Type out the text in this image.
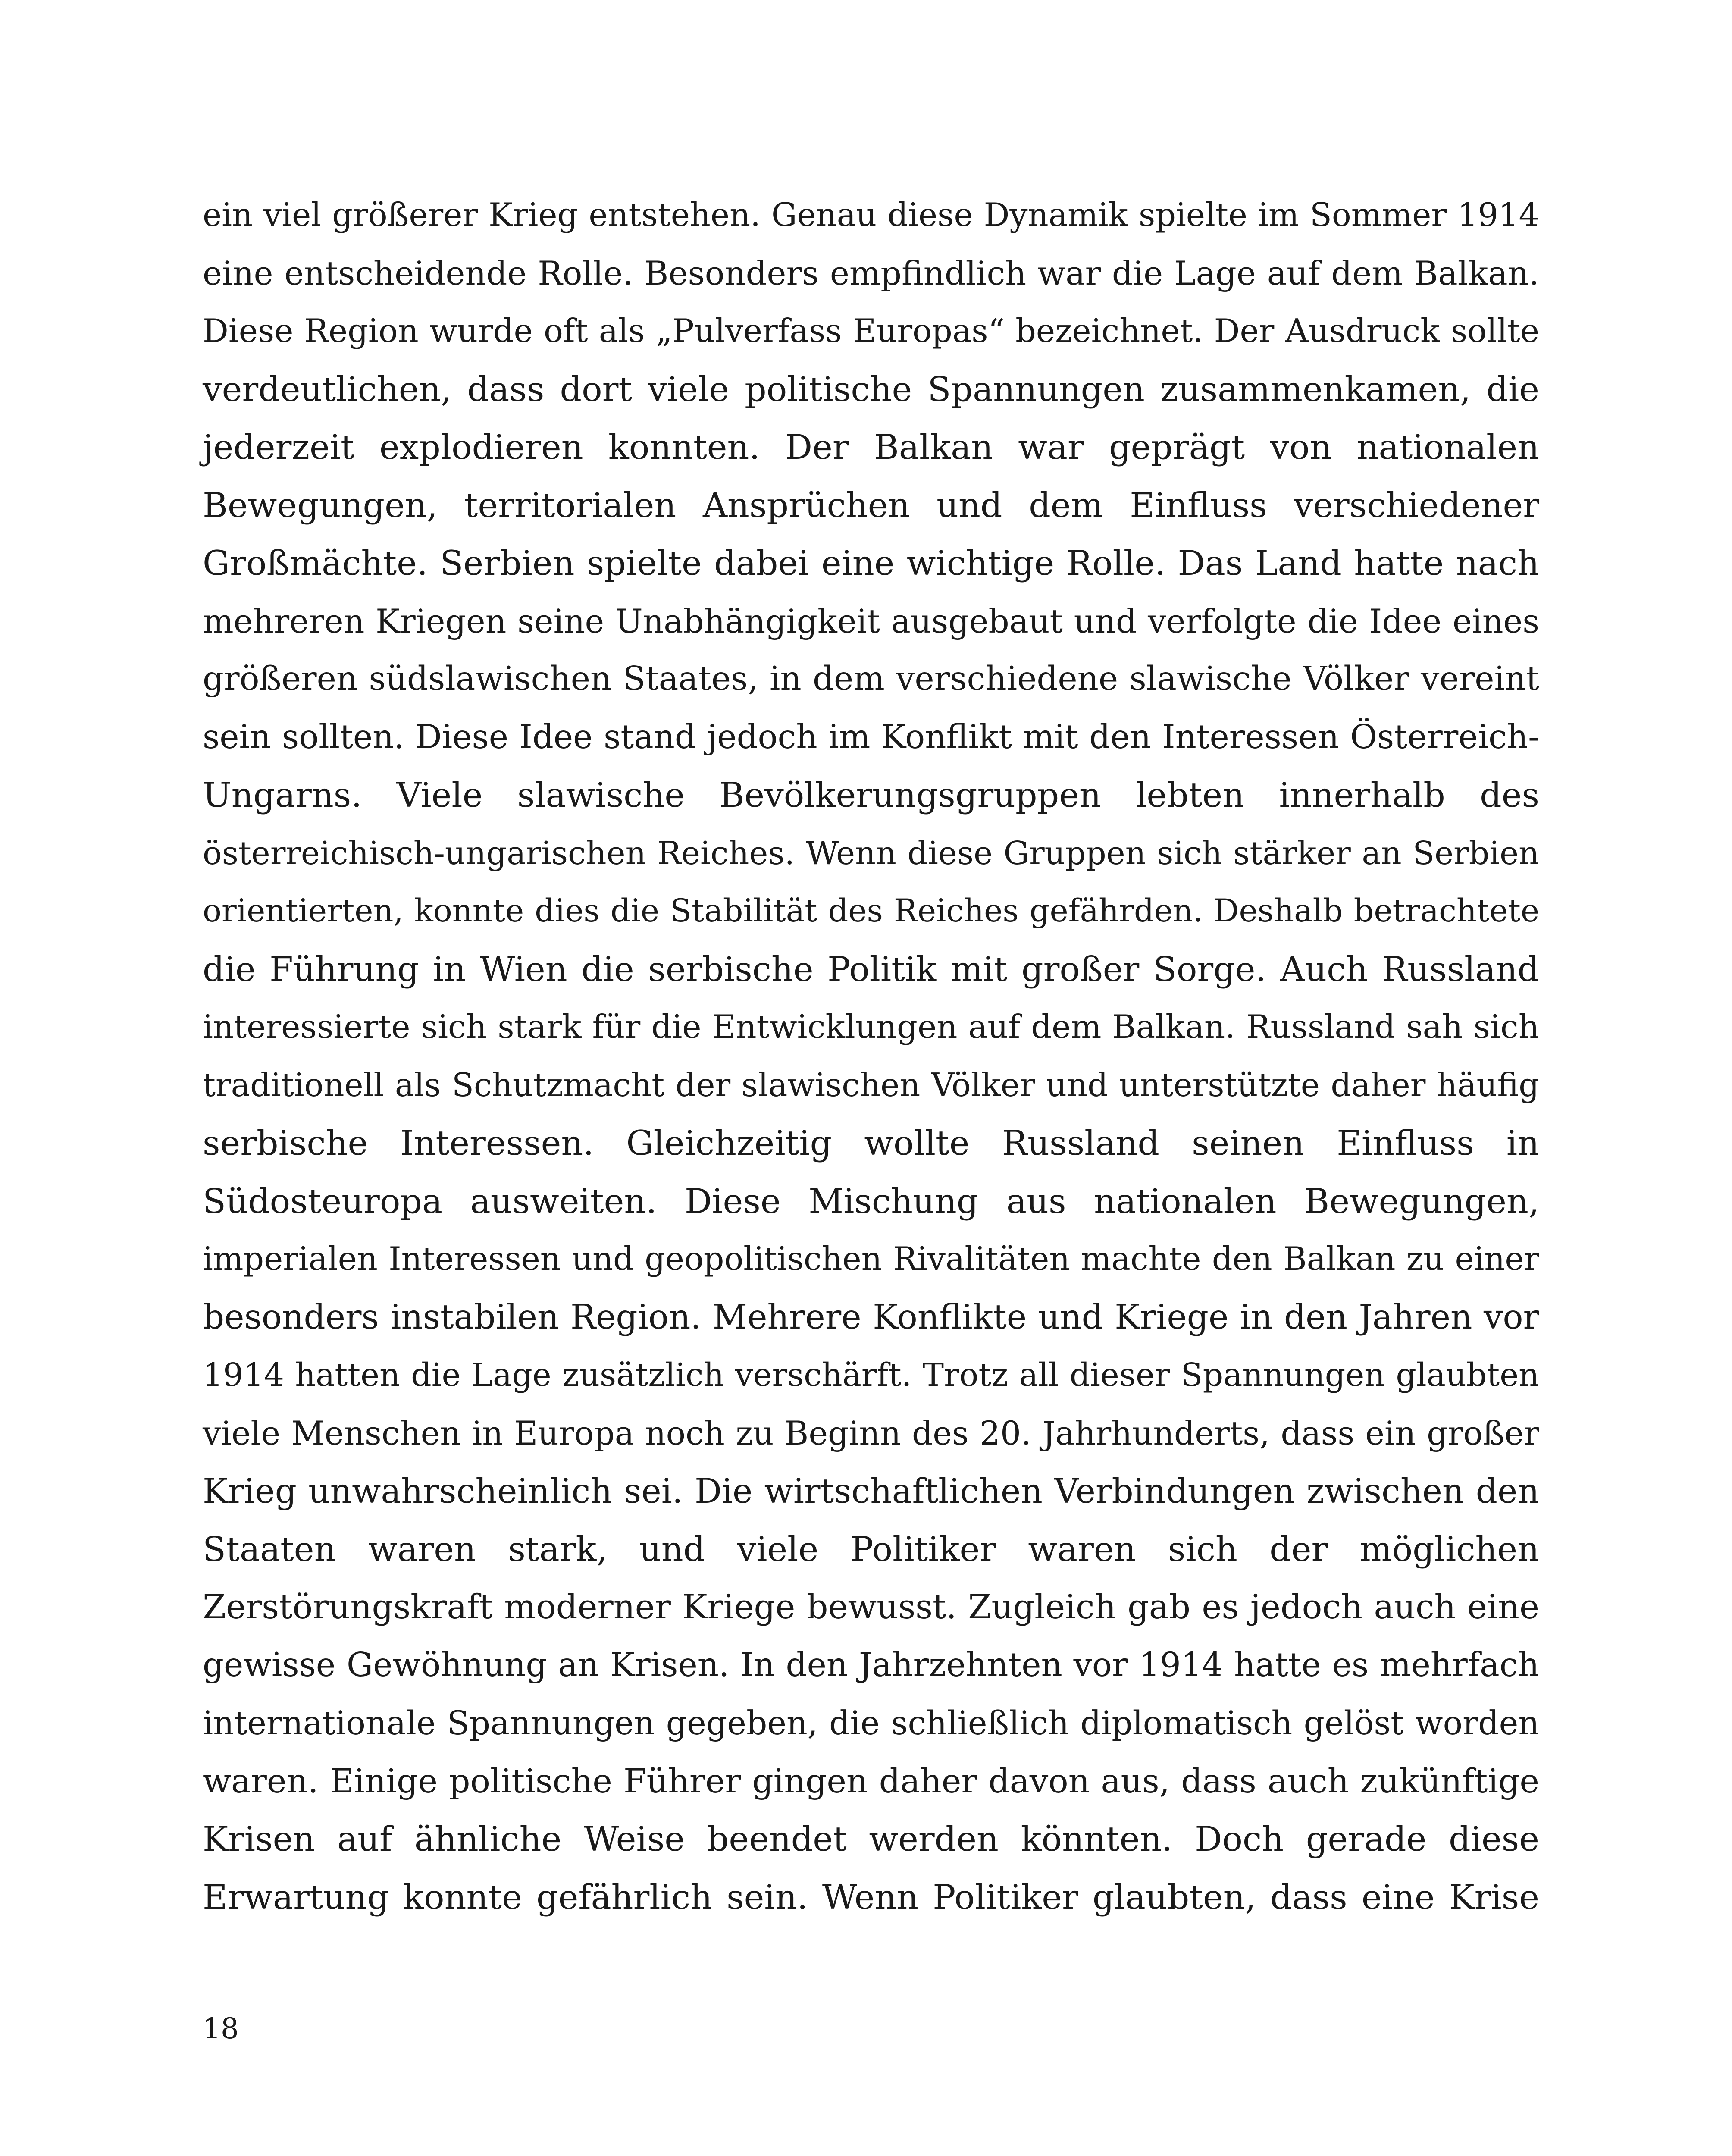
ein viel größerer Krieg entstehen. Genau diese Dynamik spielte im Sommer 1914
eine entscheidende Rolle. Besonders empfindlich war die Lage auf dem Balkan.
Diese Region wurde oft als „Pulverfass Europas“ bezeichnet. Der Ausdruck sollte
verdeutlichen, dass dort viele politische Spannungen zusammenkamen, die
jederzeit explodieren konnten. Der Balkan war geprägt von nationalen
Bewegungen, territorialen Ansprüchen und dem Einfluss verschiedener
Großmächte. Serbien spielte dabei eine wichtige Rolle. Das Land hatte nach
mehreren Kriegen seine Unabhängigkeit ausgebaut und verfolgte die Idee eines
größeren südslawischen Staates, in dem verschiedene slawische Völker vereint
sein sollten. Diese Idee stand jedoch im Konflikt mit den Interessen Österreich-
Ungarns. Viele slawische Bevölkerungsgruppen lebten innerhalb des
österreichisch-ungarischen Reiches. Wenn diese Gruppen sich stärker an Serbien
orientierten, konnte dies die Stabilität des Reiches gefährden. Deshalb betrachtete
die Führung in Wien die serbische Politik mit großer Sorge. Auch Russland
interessierte sich stark für die Entwicklungen auf dem Balkan. Russland sah sich
traditionell als Schutzmacht der slawischen Völker und unterstützte daher häufig
serbische Interessen. Gleichzeitig wollte Russland seinen Einfluss in
Südosteuropa ausweiten. Diese Mischung aus nationalen Bewegungen,
imperialen Interessen und geopolitischen Rivalitäten machte den Balkan zu einer
besonders instabilen Region. Mehrere Konflikte und Kriege in den Jahren vor
1914 hatten die Lage zusätzlich verschärft. Trotz all dieser Spannungen glaubten
viele Menschen in Europa noch zu Beginn des 20. Jahrhunderts, dass ein großer
Krieg unwahrscheinlich sei. Die wirtschaftlichen Verbindungen zwischen den
Staaten waren stark, und viele Politiker waren sich der möglichen
Zerstörungskraft moderner Kriege bewusst. Zugleich gab es jedoch auch eine
gewisse Gewöhnung an Krisen. In den Jahrzehnten vor 1914 hatte es mehrfach
internationale Spannungen gegeben, die schließlich diplomatisch gelöst worden
waren. Einige politische Führer gingen daher davon aus, dass auch zukünftige
Krisen auf ähnliche Weise beendet werden könnten. Doch gerade diese
Erwartung konnte gefährlich sein. Wenn Politiker glaubten, dass eine Krise
18
